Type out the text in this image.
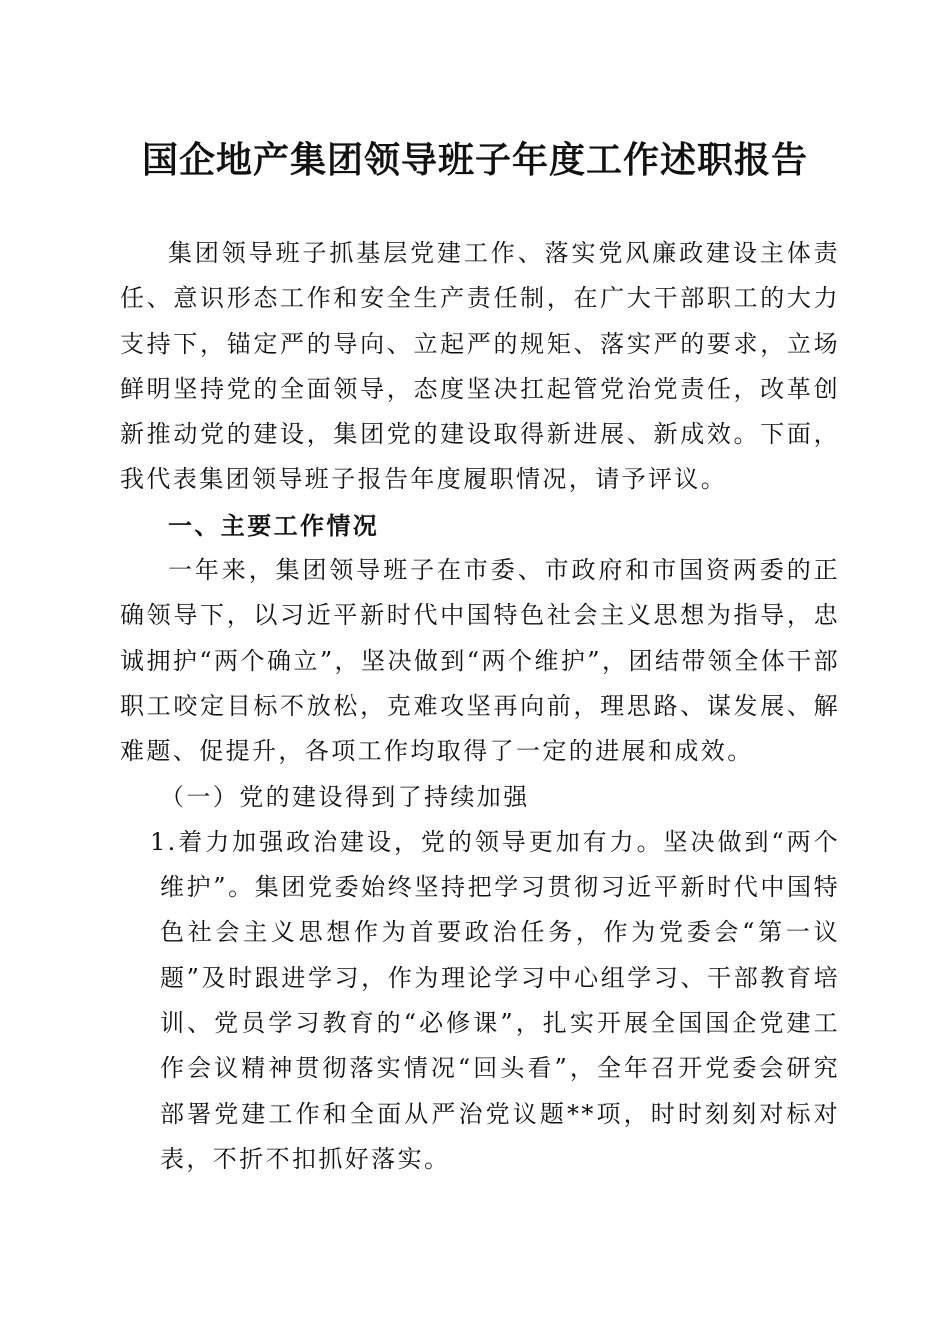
国企地产集团领导班子年度工作述职报告

集团领导班子抓基层党建工作、落实党风廉政建设主体责任、意识形态工作和安全生产责任制，在广大干部职工的大力支持下，锚定严的导向、立起严的规矩、落实严的要求，立场鲜明坚持党的全面领导，态度坚决扛起管党治党责任，改革创新推动党的建设，集团党的建设取得新进展、新成效。下面，我代表集团领导班子报告年度履职情况，请予评议。

一、主要工作情况

一年来，集团领导班子在市委、市政府和市国资两委的正确领导下，以习近平新时代中国特色社会主义思想为指导，忠诚拥护“两个确立”，坚决做到“两个维护”，团结带领全体干部职工咬定目标不放松，克难攻坚再向前，理思路、谋发展、解难题、促提升，各项工作均取得了一定的进展和成效。

（一）党的建设得到了持续加强

1.着力加强政治建设，党的领导更加有力。坚决做到“两个维护”。集团党委始终坚持把学习贯彻习近平新时代中国特色社会主义思想作为首要政治任务，作为党委会“第一议题”及时跟进学习，作为理论学习中心组学习、干部教育培训、党员学习教育的“必修课”，扎实开展全国国企党建工作会议精神贯彻落实情况“回头看”，全年召开党委会研究部署党建工作和全面从严治党议题**项，时时刻刻对标对表，不折不扣抓好落实。
